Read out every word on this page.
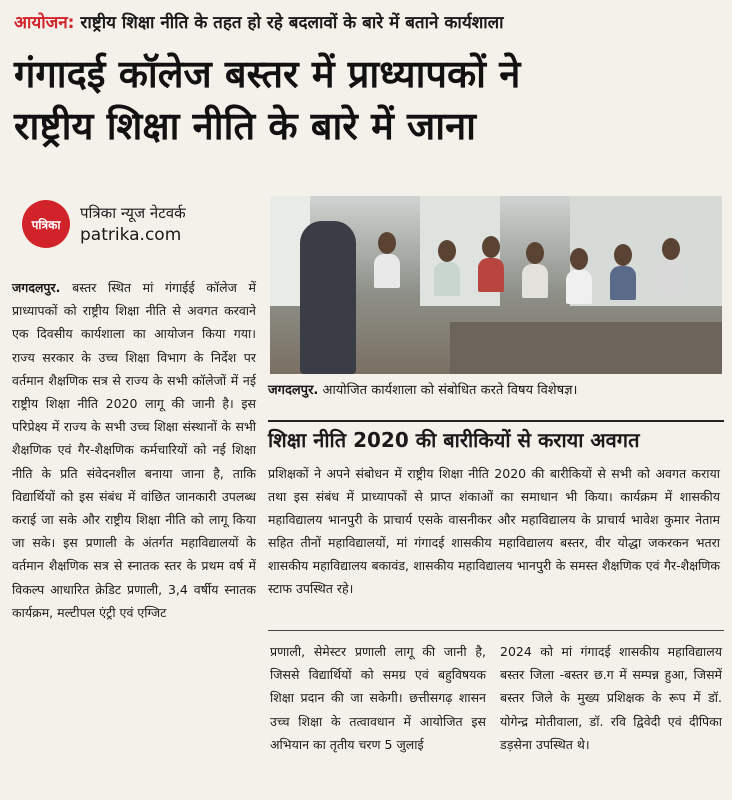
आयोजन: राष्ट्रीय शिक्षा नीति के तहत हो रहे बदलावों के बारे में बताने कार्यशाला
गंगादई कॉलेज बस्तर में प्राध्यापकों ने
राष्ट्रीय शिक्षा नीति के बारे में जाना
पत्रिका
पत्रिका न्यूज नेटवर्क
patrika.com
जगदलपुर. आयोजित कार्यशाला को संबोधित करते विषय विशेषज्ञ।
शिक्षा नीति 2020 की बारीकियों से कराया अवगत
प्रशिक्षकों ने अपने संबोधन में राष्ट्रीय शिक्षा नीति 2020 की बारीकियों से सभी को अवगत कराया तथा इस संबंध में प्राध्यापकों से प्राप्त शंकाओं का समाधान भी किया। कार्यक्रम में शासकीय महाविद्यालय भानपुरी के प्राचार्य एसके वासनीकर और महाविद्यालय के प्राचार्य भावेश कुमार नेताम सहित तीनों महाविद्यालयों, मां गंगादई शासकीय महाविद्यालय बस्तर, वीर योद्धा जकरकन भतरा शासकीय महाविद्यालय बकावंड, शासकीय महाविद्यालय भानपुरी के समस्त शैक्षणिक एवं गैर-शैक्षणिक स्टाफ उपस्थित रहे।
जगदलपुर. बस्तर स्थित मां गंगाईई कॉलेज में प्राध्यापकों को राष्ट्रीय शिक्षा नीति से अवगत करवाने एक दिवसीय कार्यशाला का आयोजन किया गया। राज्य सरकार के उच्च शिक्षा विभाग के निर्देश पर वर्तमान शैक्षणिक सत्र से राज्य के सभी कॉलेजों में नई राष्ट्रीय शिक्षा नीति 2020 लागू की जानी है। इस परिप्रेक्ष्य में राज्य के सभी उच्च शिक्षा संस्थानों के सभी शैक्षणिक एवं गैर-शैक्षणिक कर्मचारियों को नई शिक्षा नीति के प्रति संवेदनशील बनाया जाना है, ताकि विद्यार्थियों को इस संबंध में वांछित जानकारी उपलब्ध कराई जा सके और राष्ट्रीय शिक्षा नीति को लागू किया जा सके। इस प्रणाली के अंतर्गत महाविद्यालयों के वर्तमान शैक्षणिक सत्र से स्नातक स्तर के प्रथम वर्ष में विकल्प आधारित क्रेडिट प्रणाली, 3,4 वर्षीय स्नातक कार्यक्रम, मल्टीपल एंट्री एवं एग्जिट
प्रणाली, सेमेस्टर प्रणाली लागू की जानी है, जिससे विद्यार्थियों को समग्र एवं बहुविषयक शिक्षा प्रदान की जा सकेगी। छत्तीसगढ़ शासन उच्च शिक्षा के तत्वावधान में आयोजित इस अभियान का तृतीय चरण 5 जुलाई
2024 को मां गंगादई शासकीय महाविद्यालय बस्तर जिला -बस्तर छ.ग में सम्पन्न हुआ, जिसमें बस्तर जिले के मुख्य प्रशिक्षक के रूप में डॉ. योगेन्द्र मोतीवाला, डॉ. रवि द्विवेदी एवं दीपिका डड़सेना उपस्थित थे।
